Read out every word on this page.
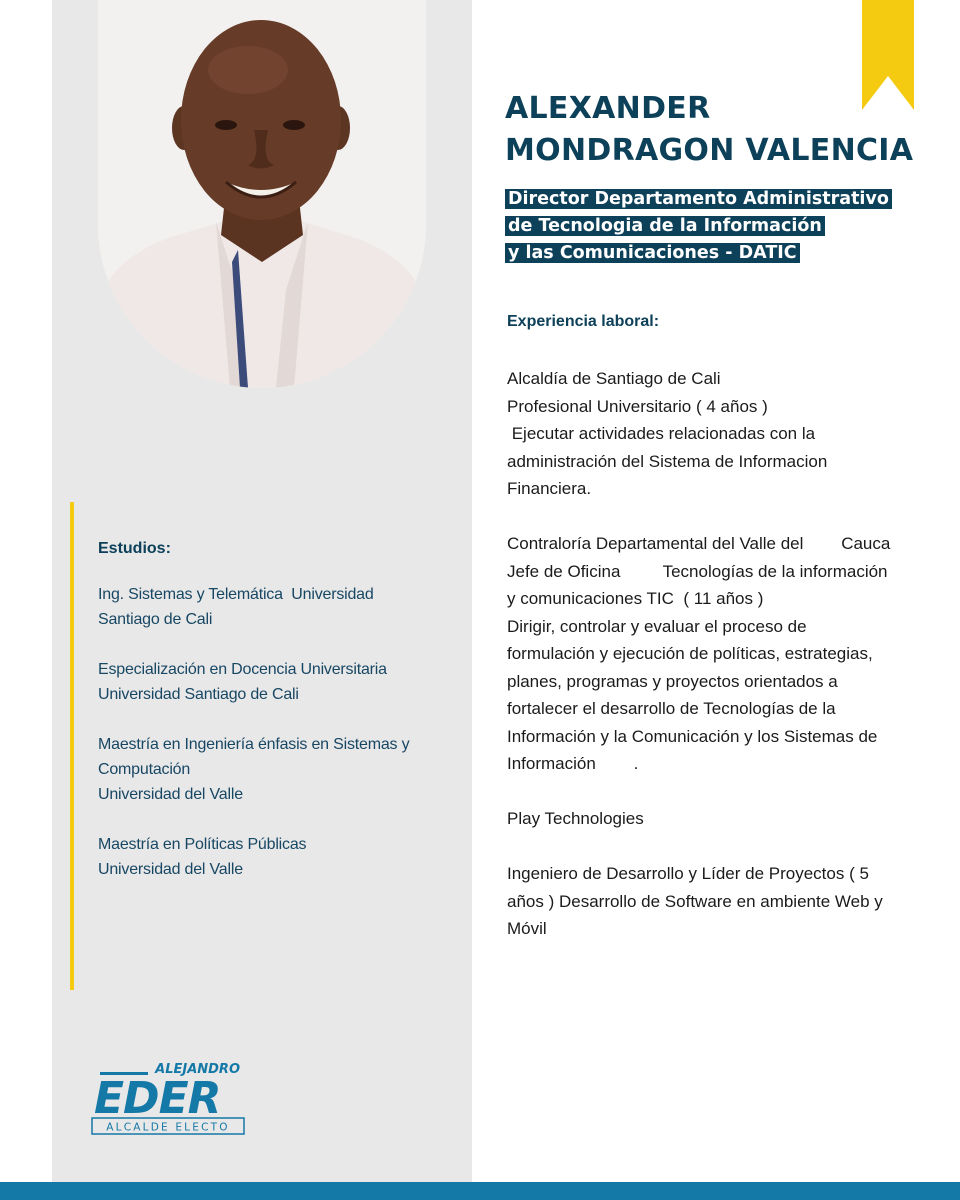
ALEXANDER
MONDRAGON VALENCIA
Director Departamento Administrativo
de Tecnologia de la Información
y las Comunicaciones - DATIC
Experiencia laboral:
Alcaldía de Santiago de Cali
Profesional Universitario ( 4 años )
Ejecutar actividades relacionadas con la
administración del Sistema de Informacion
Financiera.
Contraloría Departamental del Valle del        Cauca
Jefe de Oficina         Tecnologías de la información
y comunicaciones TIC  ( 11 años )
Dirigir, controlar y evaluar el proceso de
formulación y ejecución de políticas, estrategias,
planes, programas y proyectos orientados a
fortalecer el desarrollo de Tecnologías de la
Información y la Comunicación y los Sistemas de
Información        .
Play Technologies
Ingeniero de Desarrollo y Líder de Proyectos ( 5
años ) Desarrollo de Software en ambiente Web y
Móvil
Estudios:
Ing. Sistemas y Telemática  Universidad
Santiago de Cali
Especialización en Docencia Universitaria
Universidad Santiago de Cali
Maestría en Ingeniería énfasis en Sistemas y
Computación
Universidad del Valle
Maestría en Políticas Públicas
Universidad del Valle
ALEJANDRO
EDER
ALCALDE ELECTO
